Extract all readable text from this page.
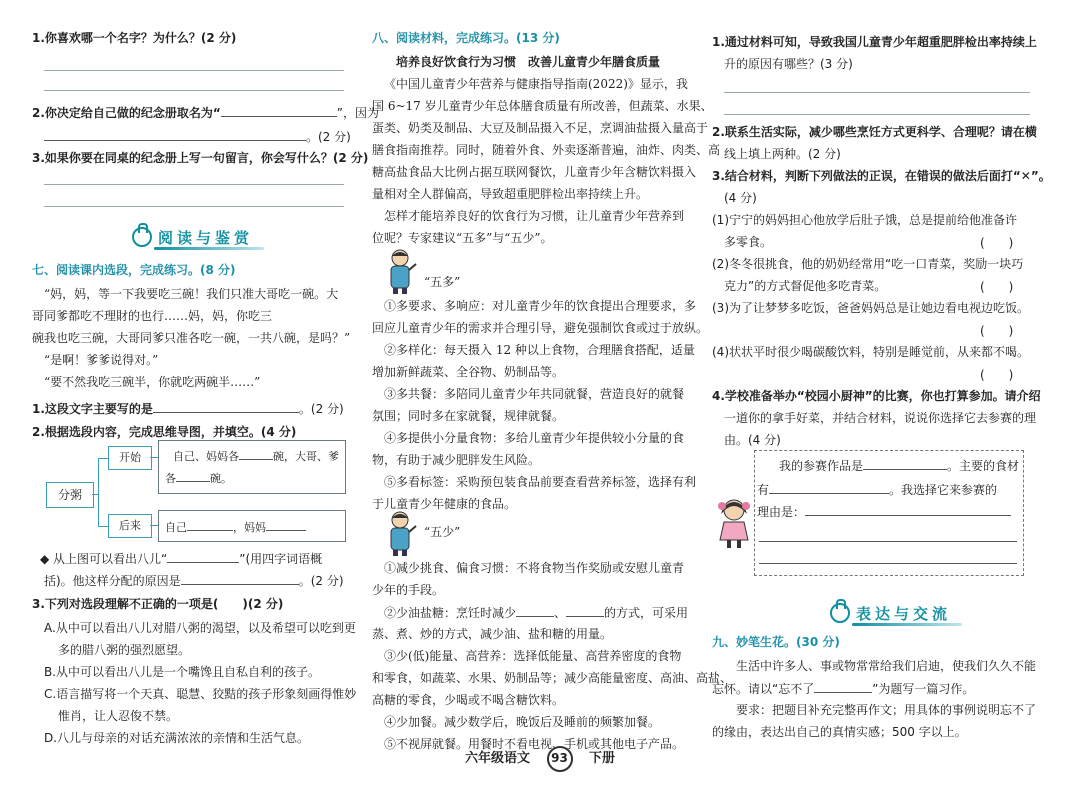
1.你喜欢哪一个名字？为什么？(2 分)
2.你决定给自己做的纪念册取名为“	”，因为
。(2 分)
3.如果你要在同桌的纪念册上写一句留言，你会写什么？(2 分)
阅读与鉴赏
七、阅读课内选段，完成练习。(8 分)
“妈，妈，等一下我要吃三碗！我们只准大哥吃一碗。大
哥同爹都吃不理財的也行……妈，妈，你吃三
碗我也吃三碗，大哥同爹只准各吃一碗，一共八碗，是吗？”
“是啊！爹爹说得对。”
“要不然我吃三碗半，你就吃两碗半……”
1.这段文字主要写的是	。(2 分)
2.根据选段内容，完成思维导图，并填空。(4 分)
分粥
开始
后来
自己、妈妈各	碗，大哥、爹
各	碗。
自己	，妈妈
◆ 从上图可以看出八儿“	”(用四字词语概
括)。他这样分配的原因是	。(2 分)
3.下列对选段理解不正确的一项是(　　)(2 分)
A.从中可以看出八儿对腊八粥的渴望，以及希望可以吃到更
多的腊八粥的强烈愿望。
B.从中可以看出八儿是一个嘴馋且自私自利的孩子。
C.语言描写将一个天真、聪慧、狡黠的孩子形象刻画得惟妙
惟肖，让人忍俊不禁。
D.八儿与母亲的对话充满浓浓的亲情和生活气息。
八、阅读材料，完成练习。(13 分)
培养良好饮食行为习惯　改善儿童青少年膳食质量
《中国儿童青少年营养与健康指导指南(2022)》显示，我
国 6~17 岁儿童青少年总体膳食质量有所改善，但蔬菜、水果、
蛋类、奶类及制品、大豆及制品摄入不足，烹调油盐摄入量高于
膳食指南推荐。同时，随着外食、外卖逐渐普遍，油炸、肉类、高
糖高盐食品大比例占据互联网餐饮，儿童青少年含糖饮料摄入
量相对全人群偏高，导致超重肥胖检出率持续上升。
怎样才能培养良好的饮食行为习惯，让儿童青少年营养到
位呢？专家建议“五多”与“五少”。
“五多”
①多要求、多响应：对儿童青少年的饮食提出合理要求，多
回应儿童青少年的需求并合理引导，避免强制饮食或过于放纵。
②多样化：每天摄入 12 种以上食物，合理膳食搭配，适量
增加新鲜蔬菜、全谷物、奶制品等。
③多共餐：多陪同儿童青少年共同就餐，营造良好的就餐
氛围；同时多在家就餐，规律就餐。
④多提供小分量食物：多给儿童青少年提供较小分量的食
物，有助于减少肥胖发生风险。
⑤多看标签：采购预包装食品前要查看营养标签，选择有利
于儿童青少年健康的食品。
“五少”
①减少挑食、偏食习惯：不将食物当作奖励或安慰儿童青
少年的手段。
②少油盐糖：烹饪时减少	、	的方式，可采用
蒸、煮、炒的方式，减少油、盐和糖的用量。
③少(低)能量、高营养：选择低能量、高营养密度的食物
和零食，如蔬菜、水果、奶制品等；减少高能量密度、高油、高盐、
高糖的零食，少喝或不喝含糖饮料。
④少加餐。减少数学后，晚饭后及睡前的频繁加餐。
⑤不视屏就餐。用餐时不看电视、手机或其他电子产品。
1.通过材料可知，导致我国儿童青少年超重肥胖检出率持续上
升的原因有哪些？(3 分)
2.联系生活实际，减少哪些烹饪方式更科学、合理呢？请在横
线上填上两种。(2 分)
3.结合材料，判断下列做法的正误，在错误的做法后面打“✕”。
(4 分)
(1)宁宁的妈妈担心他放学后肚子饿，总是提前给他准备许
多零食。	(　　)
(2)冬冬很挑食，他的奶奶经常用“吃一口青菜，奖励一块巧
克力”的方式督促他多吃青菜。	(　　)
(3)为了让梦梦多吃饭，爸爸妈妈总是让她边看电视边吃饭。
(　　)
(4)状状平时很少喝碳酸饮料，特别是睡觉前，从来都不喝。
(　　)
4.学校准备举办“校园小厨神”的比赛，你也打算参加。请介绍
一道你的拿手好菜，并结合材料，说说你选择它去参赛的理
由。(4 分)
我的参赛作品是	。主要的食材
有	。我选择它来参赛的
理由是：
表达与交流
九、妙笔生花。(30 分)
生活中许多人、事或物常常给我们启迪，使我们久久不能
忘怀。请以“忘不了	”为题写一篇习作。
要求：把题目补充完整再作文；用具体的事例说明忘不了
的缘由，表达出自己的真情实感；500 字以上。
六年级语文 93 下册
